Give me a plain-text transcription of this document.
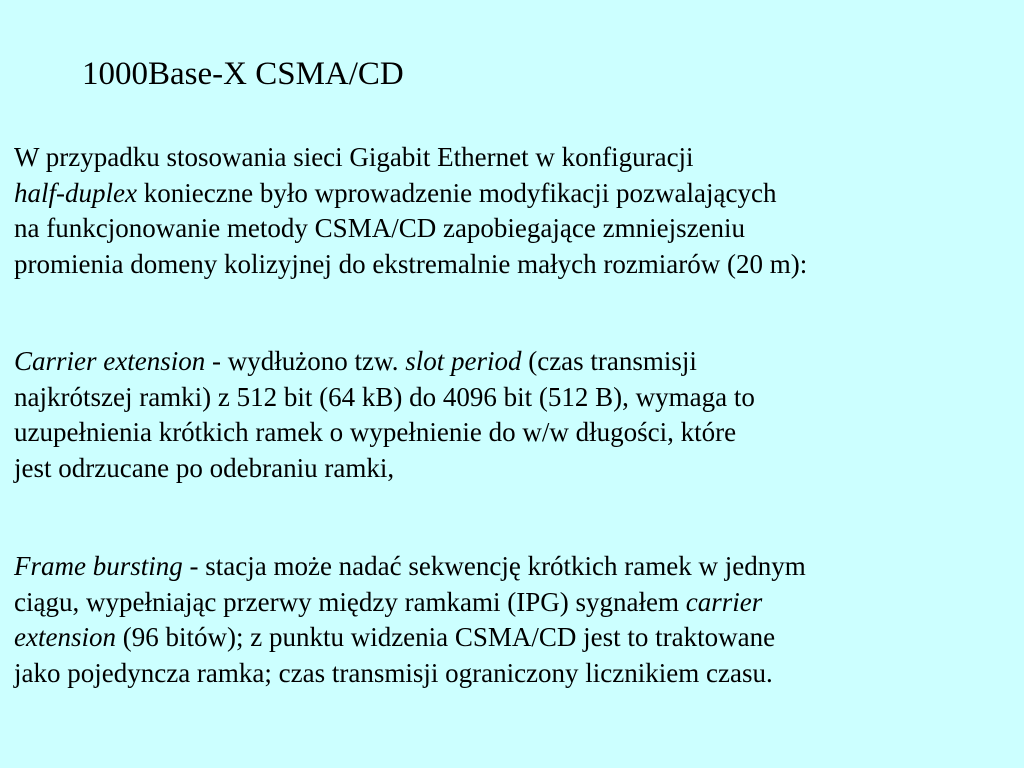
1000Base-X CSMA/CD
W przypadku stosowania sieci Gigabit Ethernet w konfiguracji
half-duplex konieczne było wprowadzenie modyfikacji pozwalających
na funkcjonowanie metody CSMA/CD zapobiegające zmniejszeniu
promienia domeny kolizyjnej do ekstremalnie małych rozmiarów (20 m):
Carrier extension - wydłużono tzw. slot period (czas transmisji
najkrótszej ramki) z 512 bit (64 kB) do 4096 bit (512 B), wymaga to
uzupełnienia krótkich ramek o wypełnienie do w/w długości, które
jest odrzucane po odebraniu ramki,
Frame bursting - stacja może nadać sekwencję krótkich ramek w jednym
ciągu, wypełniając przerwy między ramkami (IPG) sygnałem carrier
extension (96 bitów); z punktu widzenia CSMA/CD jest to traktowane
jako pojedyncza ramka; czas transmisji ograniczony licznikiem czasu.
